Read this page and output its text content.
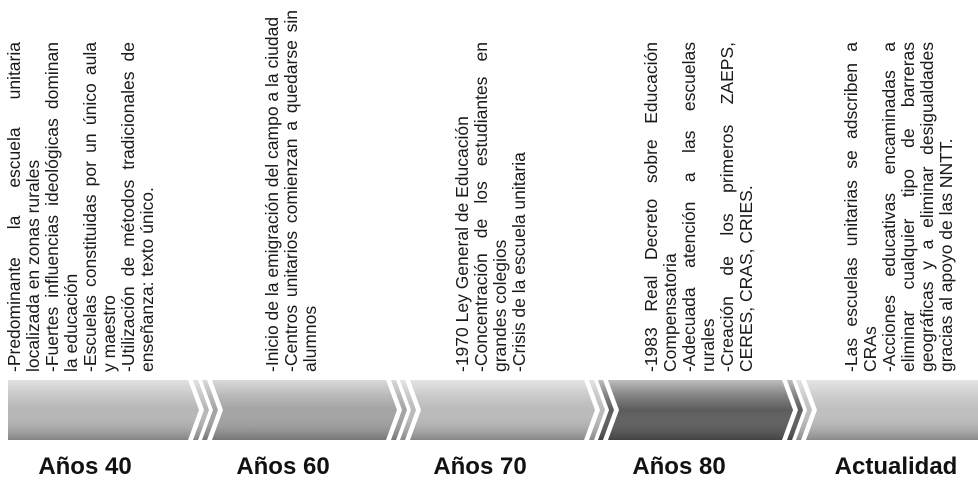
-Predominante la escuela unitaria localizada en zonas rurales -Fuertes influencias ideológicas dominan la educación -Escuelas constituidas por un único aula y maestro -Utilización de métodos tradicionales de enseñanza: texto único.	-Inicio de la emigración del campo a la ciudad -Centros unitarios comienzan a quedarse sin alumnos	-1970 Ley General de Educación -Concentración de los estudiantes en grandes colegios -Crisis de la escuela unitaria	-1983 Real Decreto sobre Educación Compensatoria -Adecuada atención a las escuelas rurales -Creación de los primeros ZAEPS, CERES, CRAS, CRIES.	-Las escuelas unitarias se adscriben a CRAs -Acciones educativas encaminadas a eliminar cualquier tipo de barreras geográficas y a eliminar desigualdades gracias al apoyo de las NNTT.
Años 40	Años 60	Años 70	Años 80	Actualidad
